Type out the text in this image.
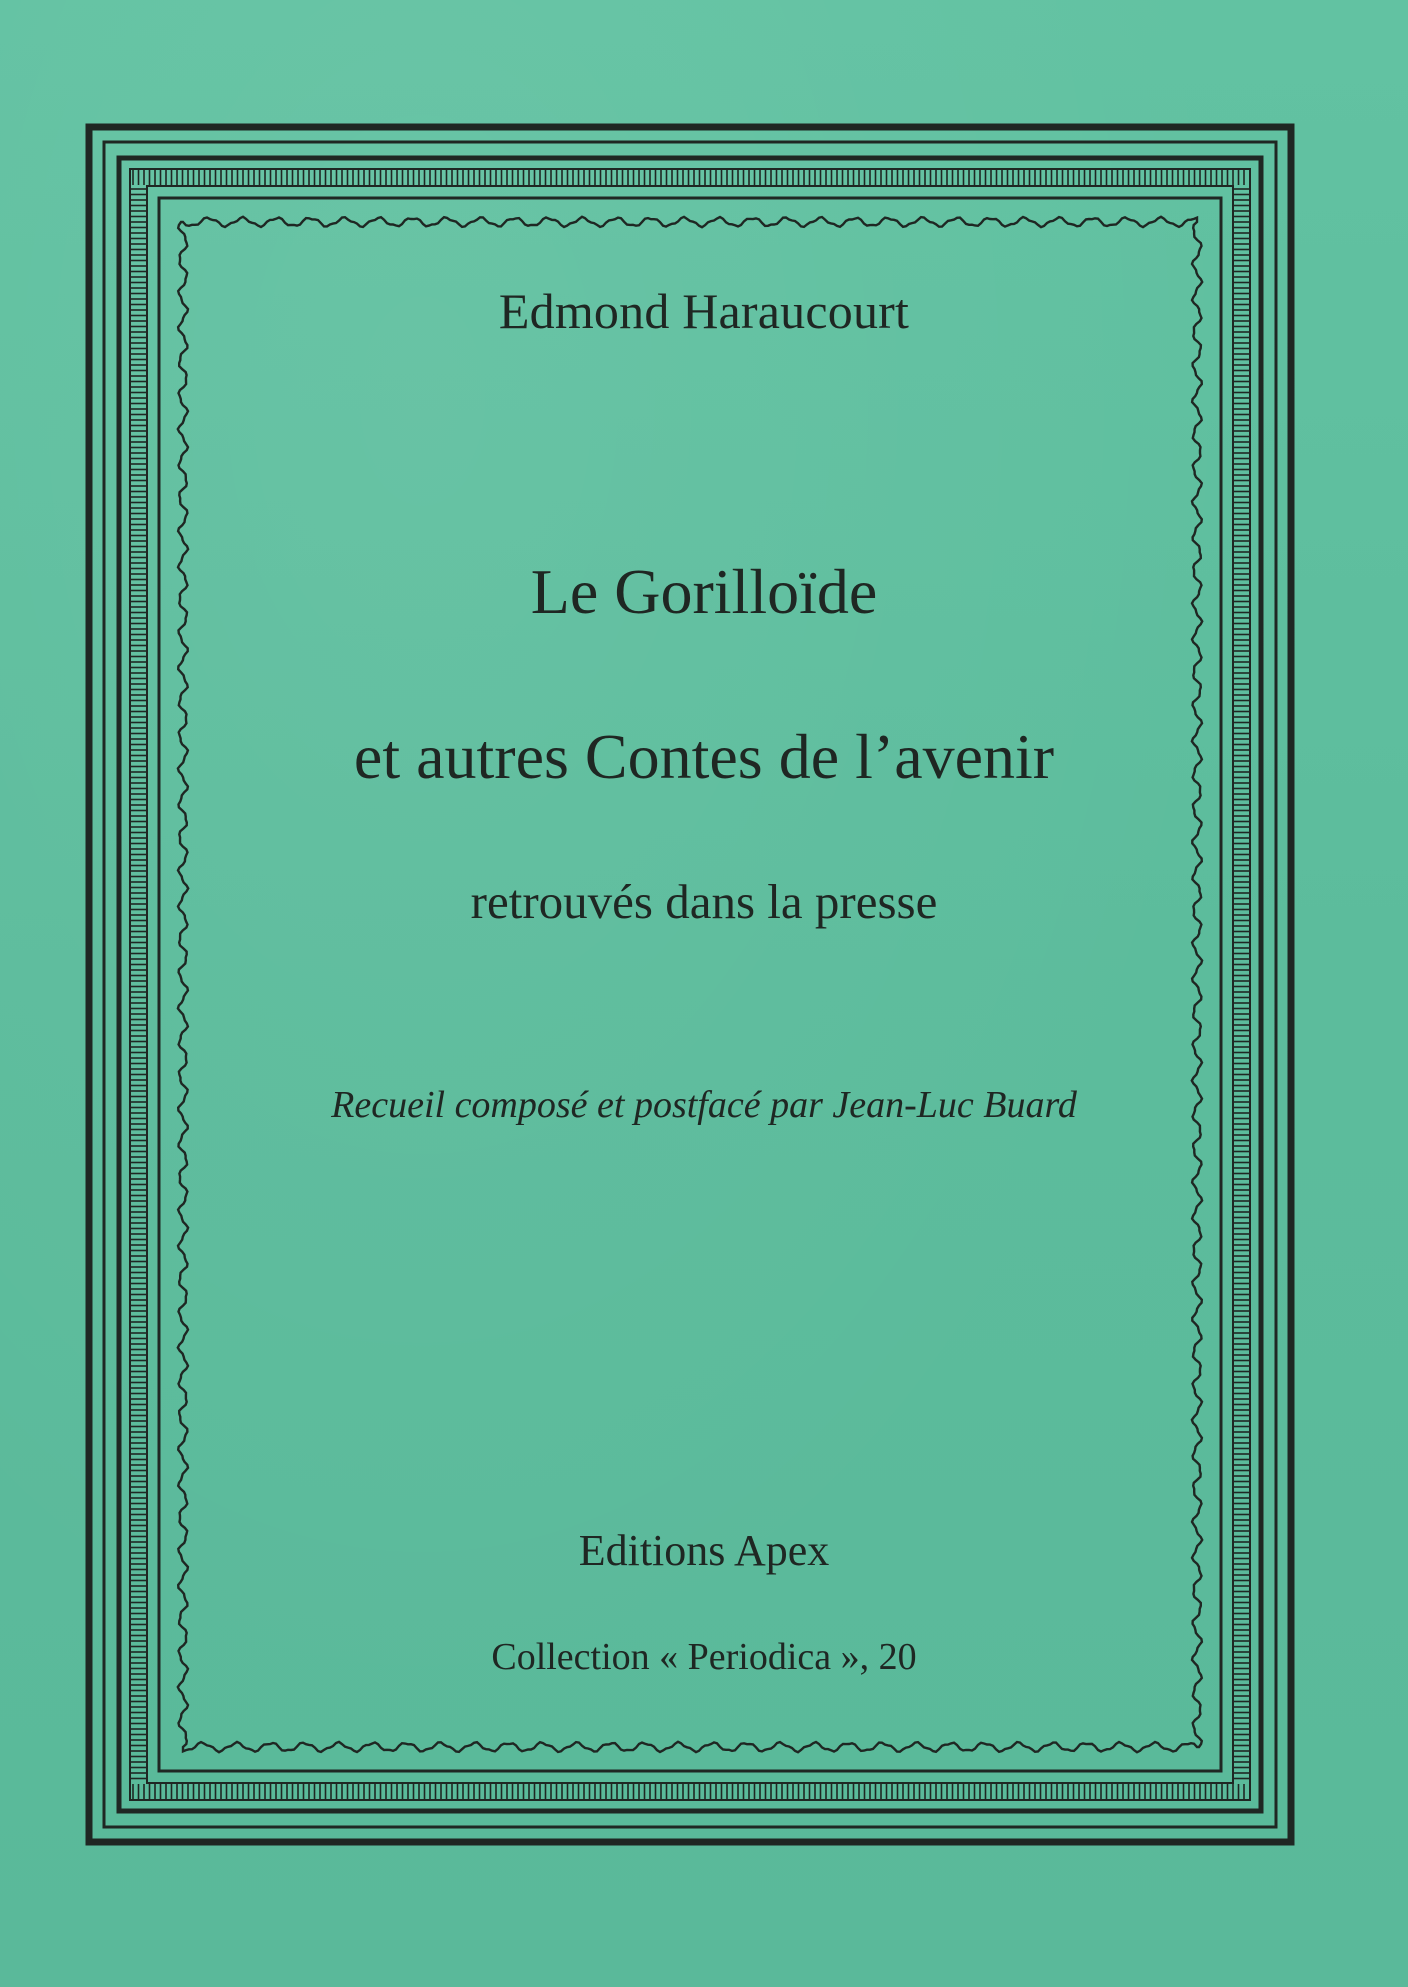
Edmond Haraucourt
Le Gorilloïde
et autres Contes de l’avenir
retrouvés dans la presse
Recueil composé et postfacé par Jean-Luc Buard
Editions Apex
Collection « Periodica », 20
